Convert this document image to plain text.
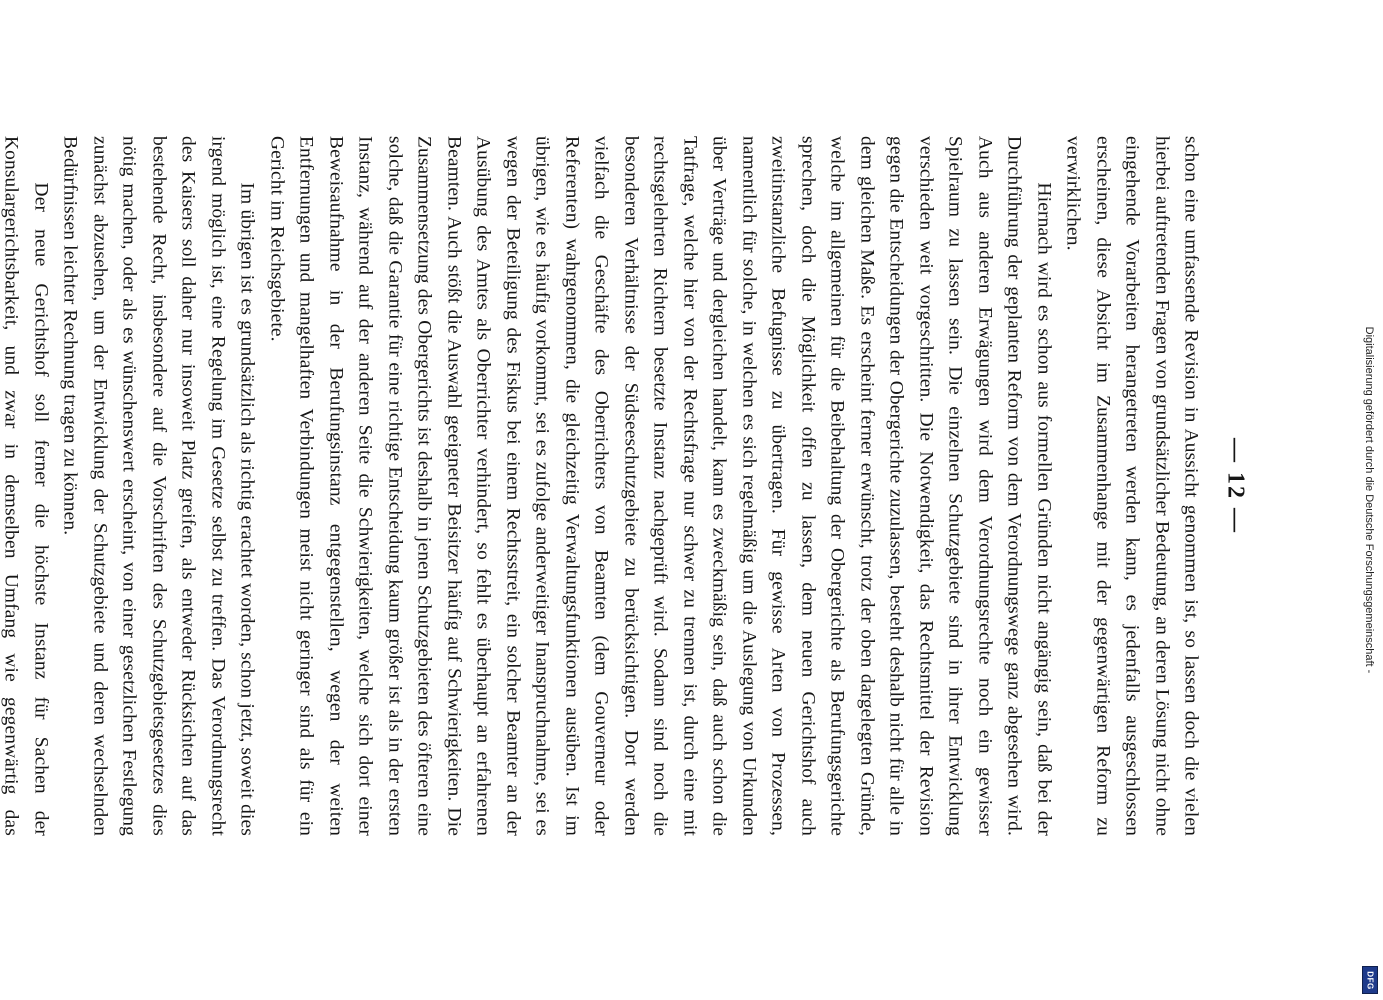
— 12 —

schon eine umfassende Revision in Aussicht genommen ist, so lassen doch die vielen hierbei auftretenden Fragen von grundsätzlicher Bedeutung, an deren Lösung nicht ohne eingehende Vorarbeiten herangetreten werden kann, es jedenfalls ausgeschlossen erscheinen, diese Absicht im Zusammenhange mit der gegenwärtigen Reform zu verwirklichen.

Hiernach wird es schon aus formellen Gründen nicht angängig sein, daß bei der Durchführung der geplanten Reform von dem Verordnungswege ganz abgesehen wird. Auch aus anderen Erwägungen wird dem Verordnungsrechte noch ein gewisser Spielraum zu lassen sein. Die einzelnen Schutzgebiete sind in ihrer Entwicklung verschieden weit vorgeschritten. Die Notwendigkeit, das Rechtsmittel der Revision gegen die Entscheidungen der Obergerichte zuzulassen, besteht deshalb nicht für alle in dem gleichen Maße. Es erscheint ferner erwünscht, trotz der oben dargelegten Gründe, welche im allgemeinen für die Beibehaltung der Obergerichte als Berufungsgerichte sprechen, doch die Möglichkeit offen zu lassen, dem neuen Gerichtshof auch zweitinstanzliche Befugnisse zu übertragen. Für gewisse Arten von Prozessen, namentlich für solche, in welchen es sich regelmäßig um die Auslegung von Urkunden über Verträge und dergleichen handelt, kann es zweckmäßig sein, daß auch schon die Tatfrage, welche hier von der Rechtsfrage nur schwer zu trennen ist, durch eine mit rechtsgelehrten Richtern besetzte Instanz nachgeprüft wird. Sodann sind noch die besonderen Verhältnisse der Südseeschutzgebiete zu berücksichtigen. Dort werden vielfach die Geschäfte des Oberrichters von Beamten (dem Gouverneur oder Referenten) wahrgenommen, die gleichzeitig Verwaltungsfunktionen ausüben. Ist im übrigen, wie es häufig vorkommt, sei es zufolge anderweitiger Inanspruchnahme, sei es wegen der Beteiligung des Fiskus bei einem Rechtsstreit, ein solcher Beamter an der Ausübung des Amtes als Oberrichter verhindert, so fehlt es überhaupt an erfahrenen Beamten. Auch stößt die Auswahl geeigneter Beisitzer häufig auf Schwierigkeiten. Die Zusammensetzung des Obergerichts ist deshalb in jenen Schutzgebieten des öfteren eine solche, daß die Garantie für eine richtige Entscheidung kaum größer ist als in der ersten Instanz, während auf der anderen Seite die Schwierigkeiten, welche sich dort einer Beweisaufnahme in der Berufungsinstanz entgegenstellen, wegen der weiten Entfernungen und mangelhaften Verbindungen meist nicht geringer sind als für ein Gericht im Reichsgebiete.

Im übrigen ist es grundsätzlich als richtig erachtet worden, schon jetzt, soweit dies irgend möglich ist, eine Regelung im Gesetze selbst zu treffen. Das Verordnungsrecht des Kaisers soll daher nur insoweit Platz greifen, als entweder Rücksichten auf das bestehende Recht, insbesondere auf die Vorschriften des Schutzgebietsgesetzes dies nötig machen, oder als es wünschenswert erscheint, von einer gesetzlichen Festlegung zunächst abzusehen, um der Entwicklung der Schutzgebiete und deren wechselnden Bedürfnissen leichter Rechnung tragen zu können.

Der neue Gerichtshof soll ferner die höchste Instanz für Sachen der Konsulargerichtsbarkeit, und zwar in demselben Umfang wie gegenwärtig das

Digitalisierung gefördert durch die Deutsche Forschungsgemeinschaft -
DFG
